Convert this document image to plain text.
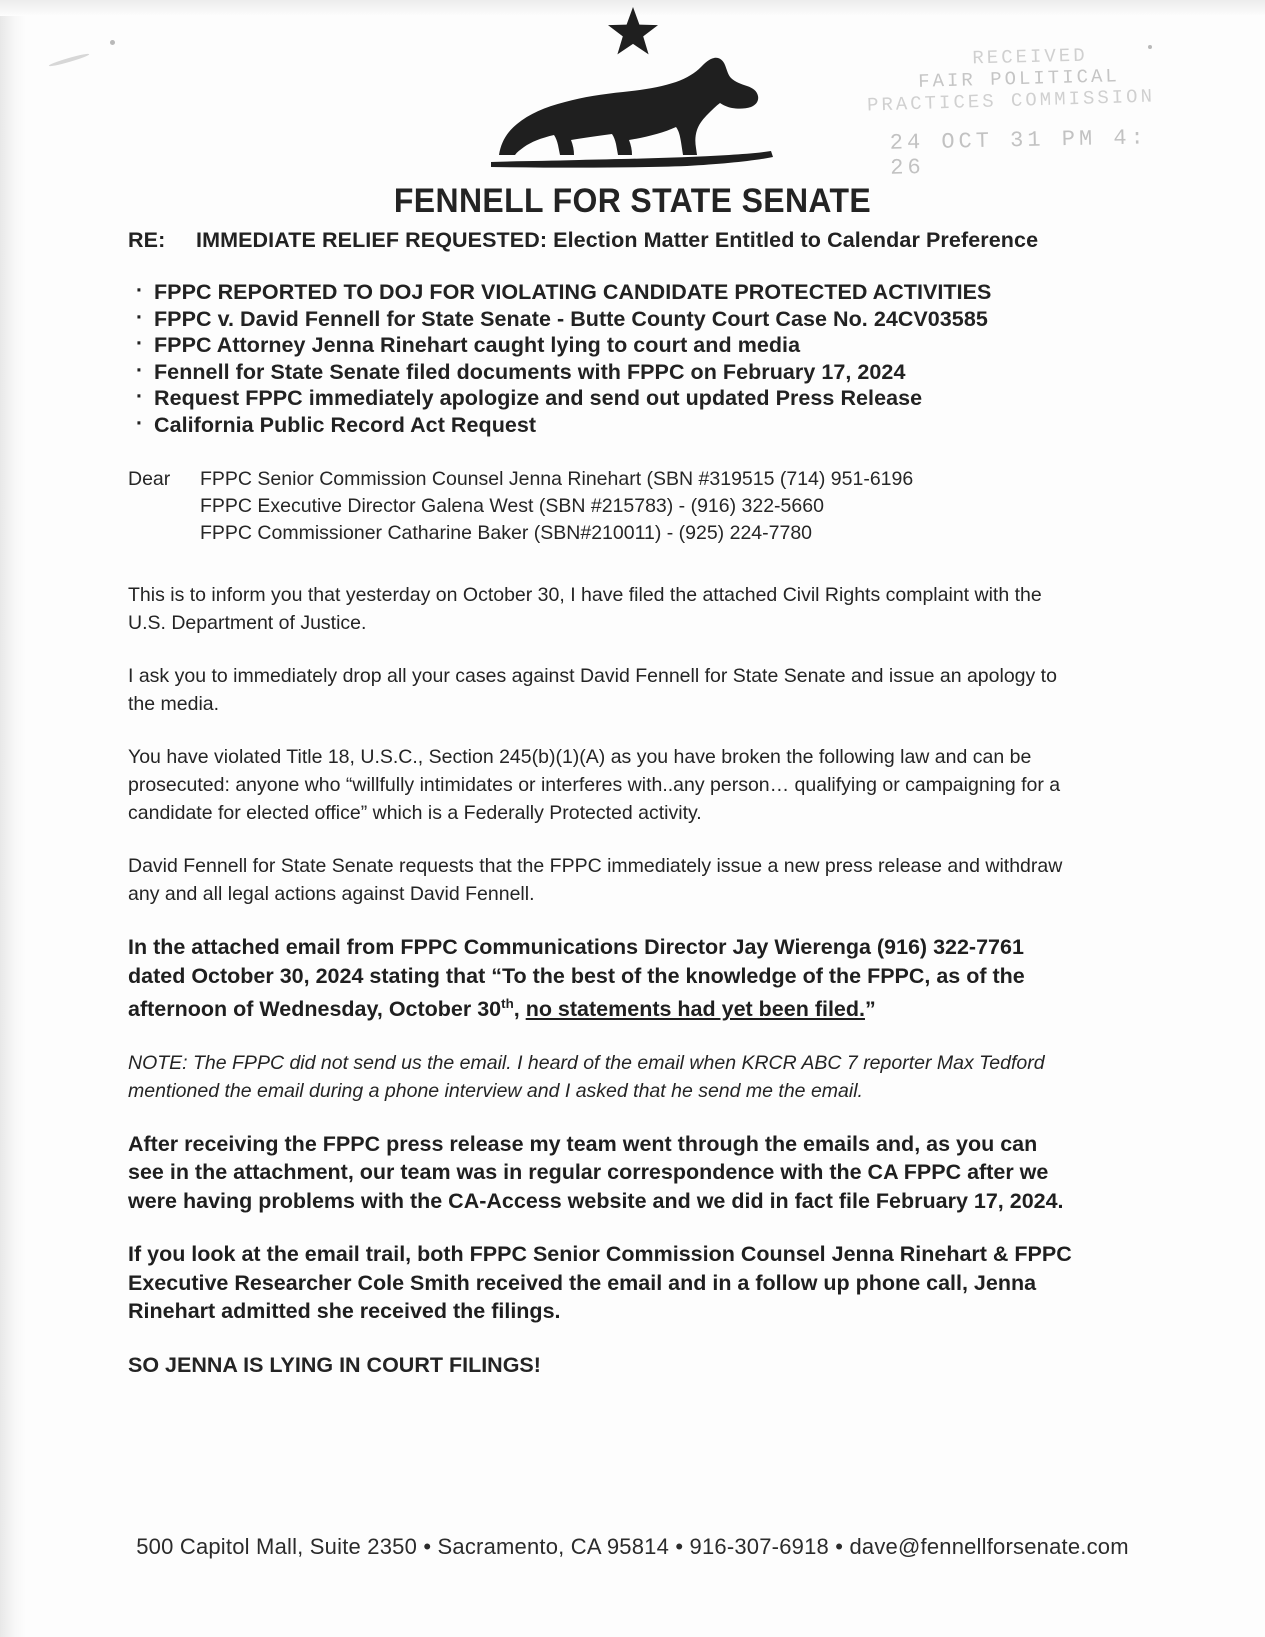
FENNELL FOR STATE SENATE
RECEIVED
FAIR POLITICAL
PRACTICES COMMISSION
24 OCT 31 PM 4: 26
RE: IMMEDIATE RELIEF REQUESTED: Election Matter Entitled to Calendar Preference
· FPPC REPORTED TO DOJ FOR VIOLATING CANDIDATE PROTECTED ACTIVITIES
· FPPC v. David Fennell for State Senate - Butte County Court Case No. 24CV03585
· FPPC Attorney Jenna Rinehart caught lying to court and media
· Fennell for State Senate filed documents with FPPC on February 17, 2024
· Request FPPC immediately apologize and send out updated Press Release
· California Public Record Act Request
Dear FPPC Senior Commission Counsel Jenna Rinehart (SBN #319515 (714) 951-6196
FPPC Executive Director Galena West (SBN #215783) - (916) 322-5660
FPPC Commissioner Catharine Baker (SBN#210011) - (925) 224-7780

This is to inform you that yesterday on October 30, I have filed the attached Civil Rights complaint with the U.S. Department of Justice.

I ask you to immediately drop all your cases against David Fennell for State Senate and issue an apology to the media.

You have violated Title 18, U.S.C., Section 245(b)(1)(A) as you have broken the following law and can be prosecuted: anyone who “willfully intimidates or interferes with..any person… qualifying or campaigning for a candidate for elected office” which is a Federally Protected activity.

David Fennell for State Senate requests that the FPPC immediately issue a new press release and withdraw any and all legal actions against David Fennell.

In the attached email from FPPC Communications Director Jay Wierenga (916) 322-7761 dated October 30, 2024 stating that “To the best of the knowledge of the FPPC, as of the afternoon of Wednesday, October 30th, no statements had yet been filed.”

NOTE: The FPPC did not send us the email. I heard of the email when KRCR ABC 7 reporter Max Tedford mentioned the email during a phone interview and I asked that he send me the email.

After receiving the FPPC press release my team went through the emails and, as you can see in the attachment, our team was in regular correspondence with the CA FPPC after we were having problems with the CA-Access website and we did in fact file February 17, 2024.

If you look at the email trail, both FPPC Senior Commission Counsel Jenna Rinehart & FPPC Executive Researcher Cole Smith received the email and in a follow up phone call, Jenna Rinehart admitted she received the filings.

SO JENNA IS LYING IN COURT FILINGS!

500 Capitol Mall, Suite 2350 • Sacramento, CA 95814 • 916-307-6918 • dave@fennellforsenate.com
